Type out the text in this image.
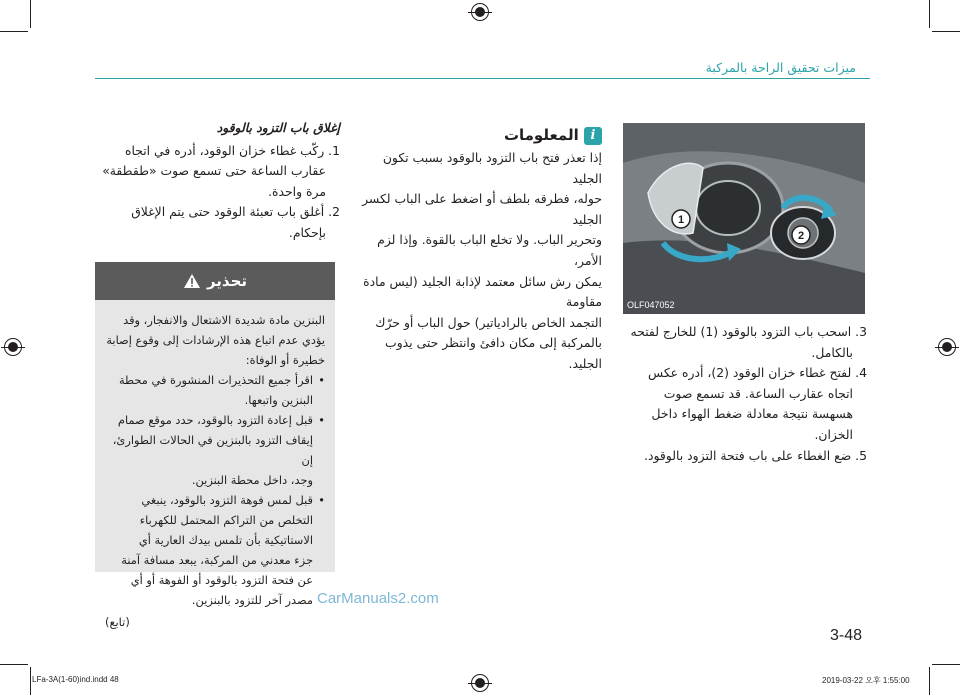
ميزات تحقيق الراحة بالمركبة

إغلاق باب التزود بالوقود

1. ركّب غطاء خزان الوقود، أدره في اتجاه

عقارب الساعة حتى تسمع صوت «طقطقة»

مرة واحدة.

2. أغلق باب تعبئة الوقود حتى يتم الإغلاق

بإحكام.

تحذير

البنزين مادة شديدة الاشتعال والانفجار، وقد

يؤدي عدم اتباع هذه الإرشادات إلى وقوع إصابة

خطيرة أو الوفاة:

• اقرأ جميع التحذيرات المنشورة في محطة
البنزين واتبعها.
• قبل إعادة التزود بالوقود، حدد موقع صمام
إيقاف التزود بالبنزين في الحالات الطوارئ، إن
وجد، داخل محطة البنزين.
• قبل لمس فوهة التزود بالوقود، ينبغي
التخلص من التراكم المحتمل للكهرباء
الاستاتيكية بأن تلمس بيدك العارية أي
جزء معدني من المركبة، يبعد مسافة آمنة
عن فتحة التزود بالوقود أو الفوهة أو أي
مصدر آخر للتزود بالبنزين.

(تابع)

i المعلومات

إذا تعذر فتح باب التزود بالوقود بسبب تكون الجليد

حوله، فطرقه بلطف أو اضغط على الباب لكسر الجليد

وتحرير الباب. ولا تخلع الباب بالقوة. وإذا لزم الأمر،

يمكن رش سائل معتمد لإذابة الجليد (ليس مادة مقاومة

التجمد الخاص بالرادياتير) حول الباب أو حرّك

بالمركبة إلى مكان دافئ وانتظر حتى يذوب الجليد.

1
2
OLF047052

3. اسحب باب التزود بالوقود (1) للخارج لفتحه

بالكامل.

4. لفتح غطاء خزان الوقود (2)، أدره عكس

اتجاه عقارب الساعة. قد تسمع صوت

هسهسة نتيجة معادلة ضغط الهواء داخل

الخزان.

5. ضع الغطاء على باب فتحة التزود بالوقود.

CarManuals2.com
3-48
LFa-3A(1-60)ind.indd 48	2019-03-22 오후 1:55:00
